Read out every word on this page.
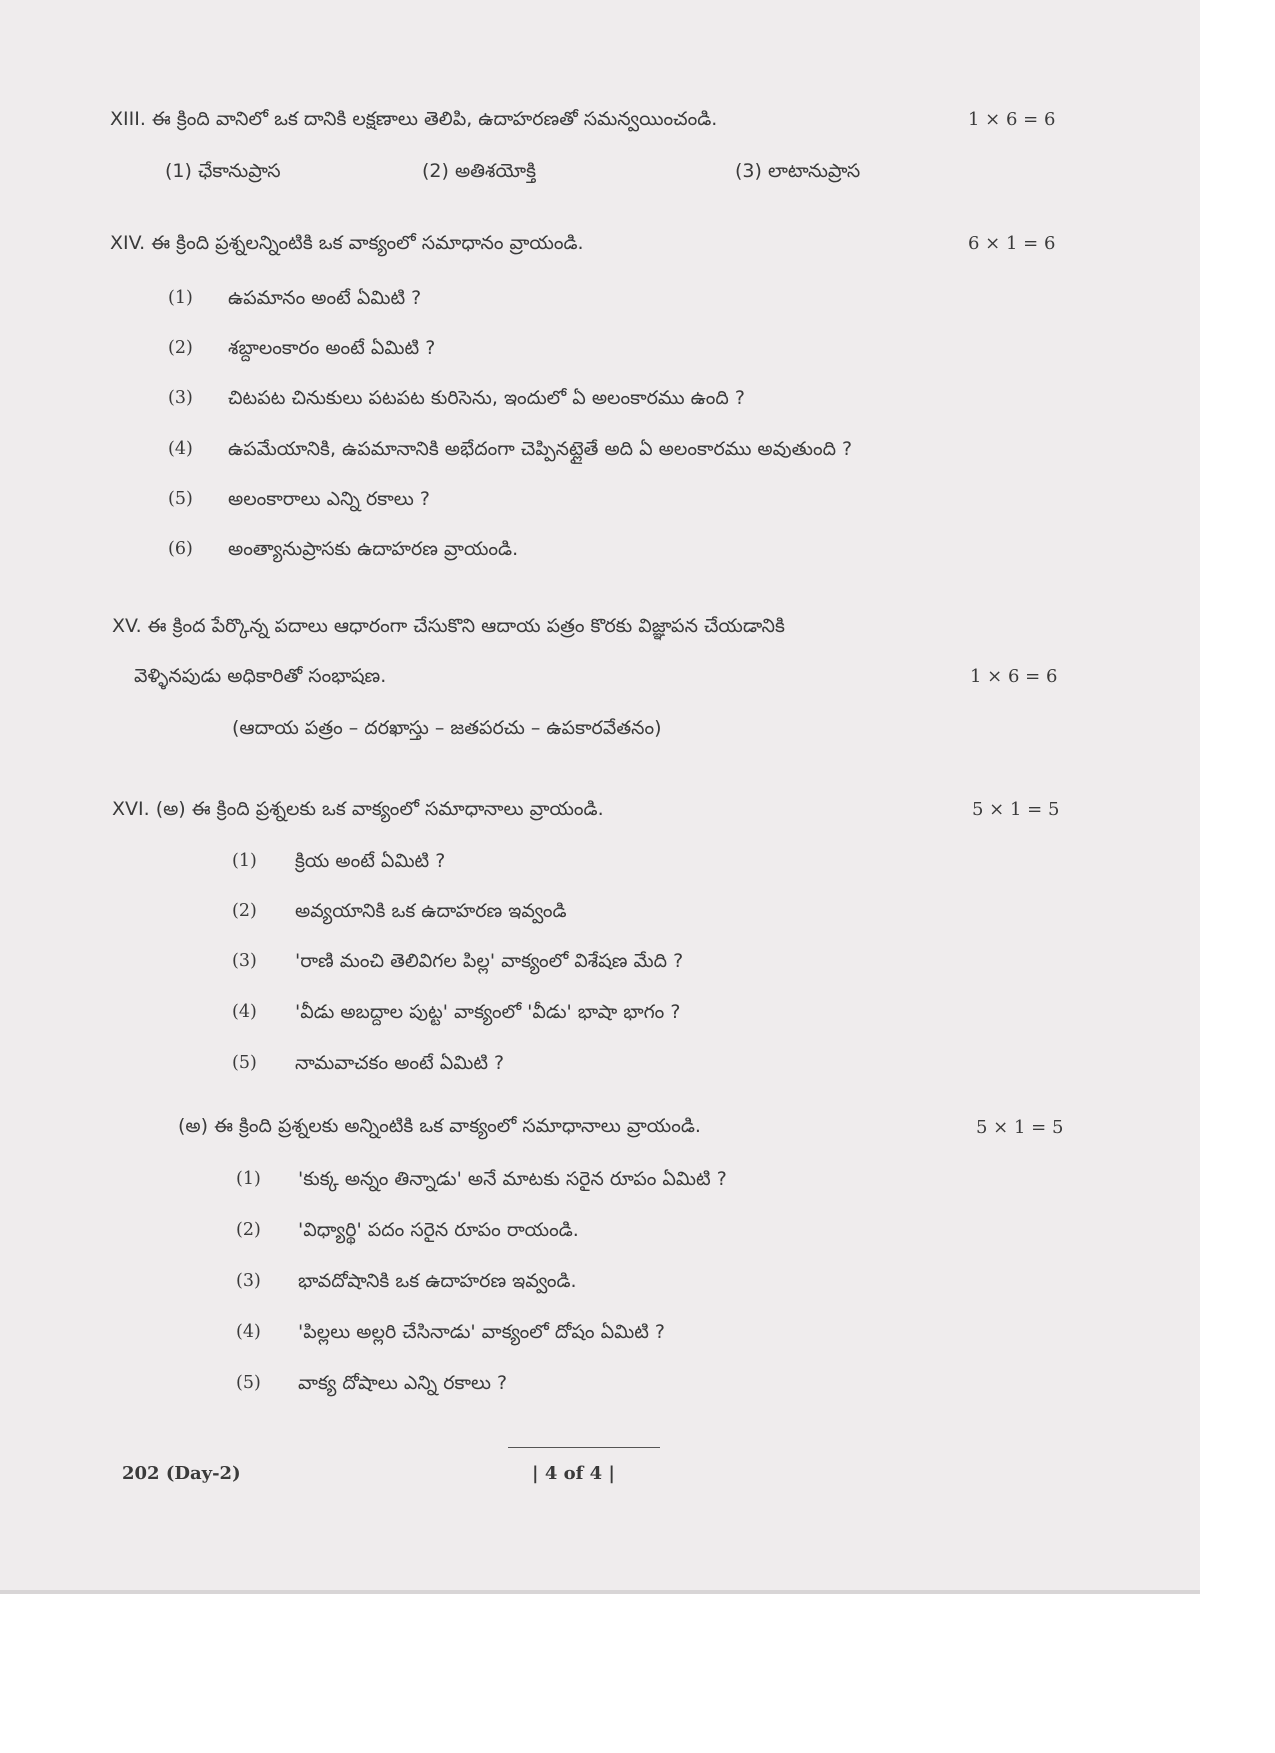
XIII. ఈ క్రింది వానిలో ఒక దానికి లక్షణాలు తెలిపి, ఉదాహరణతో సమన్వయించండి.	1 × 6 = 6
(1) ఛేకానుప్రాస	(2) అతిశయోక్తి	(3) లాటానుప్రాస
XIV. ఈ క్రింది ప్రశ్నలన్నింటికి ఒక వాక్యంలో సమాధానం వ్రాయండి.	6 × 1 = 6
(1) ఉపమానం అంటే ఏమిటి ?
(2) శబ్దాలంకారం అంటే ఏమిటి ?
(3) చిటపట చినుకులు పటపట కురిసెను, ఇందులో ఏ అలంకారము ఉంది ?
(4) ఉపమేయానికి, ఉపమానానికి అభేదంగా చెప్పినట్లైతే అది ఏ అలంకారము అవుతుంది ?
(5) అలంకారాలు ఎన్ని రకాలు ?
(6) అంత్యానుప్రాసకు ఉదాహరణ వ్రాయండి.
XV. ఈ క్రింద పేర్కొన్న పదాలు ఆధారంగా చేసుకొని ఆదాయ పత్రం కొరకు విజ్ఞాపన చేయడానికి
వెళ్ళినపుడు అధికారితో సంభాషణ.	1 × 6 = 6
(ఆదాయ పత్రం – దరఖాస్తు – జతపరచు – ఉపకారవేతనం)
XVI. (అ) ఈ క్రింది ప్రశ్నలకు ఒక వాక్యంలో సమాధానాలు వ్రాయండి.	5 × 1 = 5
(1) క్రియ అంటే ఏమిటి ?
(2) అవ్యయానికి ఒక ఉదాహరణ ఇవ్వండి
(3) 'రాణి మంచి తెలివిగల పిల్ల' వాక్యంలో విశేషణ మేది ?
(4) 'వీడు అబద్దాల పుట్ట' వాక్యంలో 'వీడు' భాషా భాగం ?
(5) నామవాచకం అంటే ఏమిటి ?
(అ) ఈ క్రింది ప్రశ్నలకు అన్నింటికి ఒక వాక్యంలో సమాధానాలు వ్రాయండి.	5 × 1 = 5
(1) 'కుక్క అన్నం తిన్నాడు' అనే మాటకు సరైన రూపం ఏమిటి ?
(2) 'విధ్యార్థి' పదం సరైన రూపం రాయండి.
(3) భావదోషానికి ఒక ఉదాహరణ ఇవ్వండి.
(4) 'పిల్లలు అల్లరి చేసినాడు' వాక్యంలో దోషం ఏమిటి ?
(5) వాక్య దోషాలు ఎన్ని రకాలు ?
202 (Day-2)	| 4 of 4 |
